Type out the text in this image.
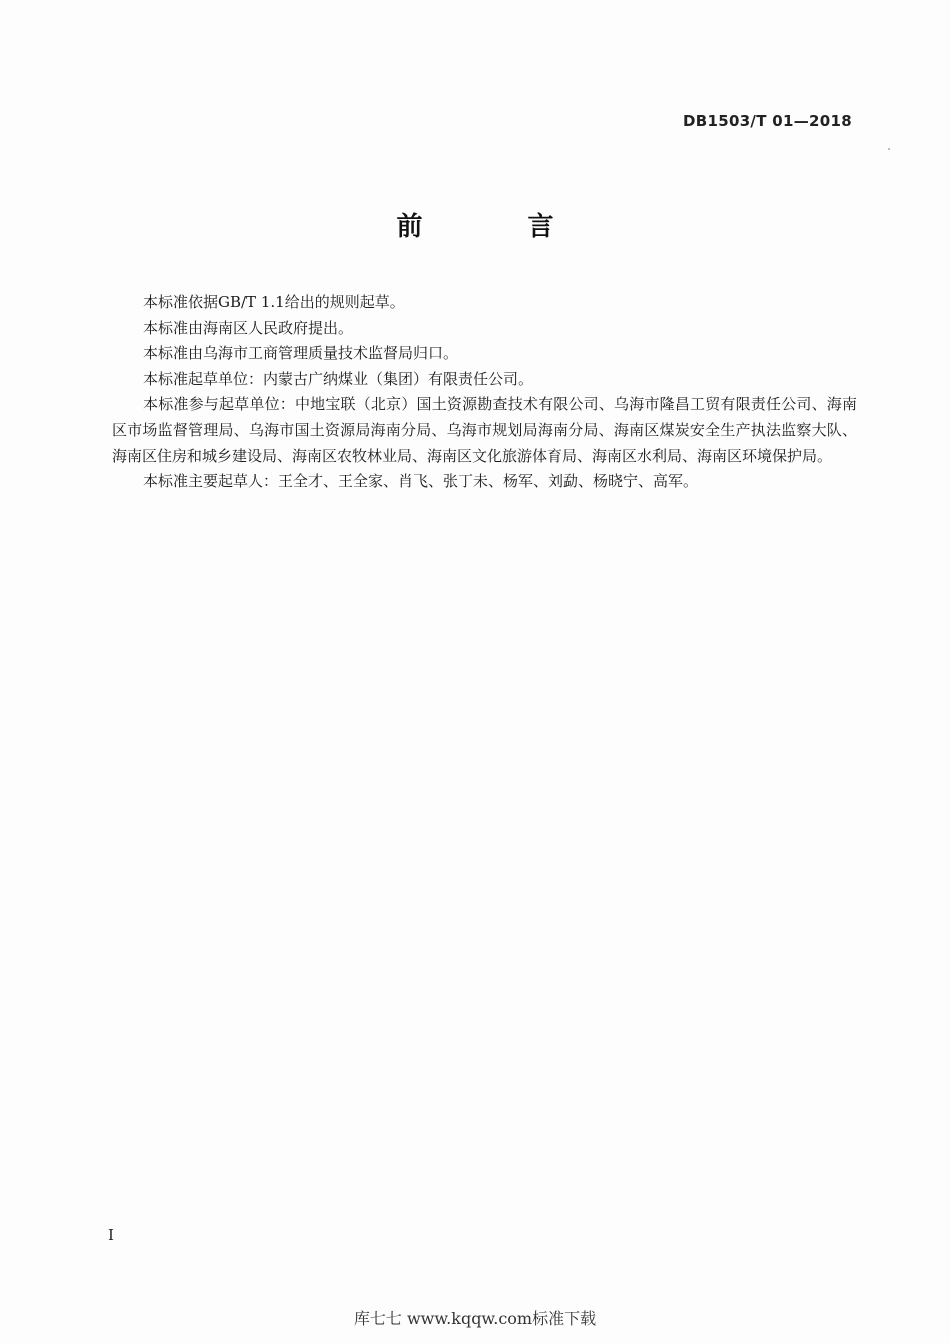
DB1503/T 01—2018
前 言

本标准依据GB/T 1.1给出的规则起草。

本标准由海南区人民政府提出。

本标准由乌海市工商管理质量技术监督局归口。

本标准起草单位：内蒙古广纳煤业（集团）有限责任公司。

本标准参与起草单位：中地宝联（北京）国土资源勘查技术有限公司、乌海市隆昌工贸有限责任公司、海南区市场监督管理局、乌海市国土资源局海南分局、乌海市规划局海南分局、海南区煤炭安全生产执法监察大队、海南区住房和城乡建设局、海南区农牧林业局、海南区文化旅游体育局、海南区水利局、海南区环境保护局。

本标准主要起草人：王全才、王全家、肖飞、张丁未、杨军、刘勐、杨晓宁、高军。

I
库七七 www.kqqw.com标准下载
